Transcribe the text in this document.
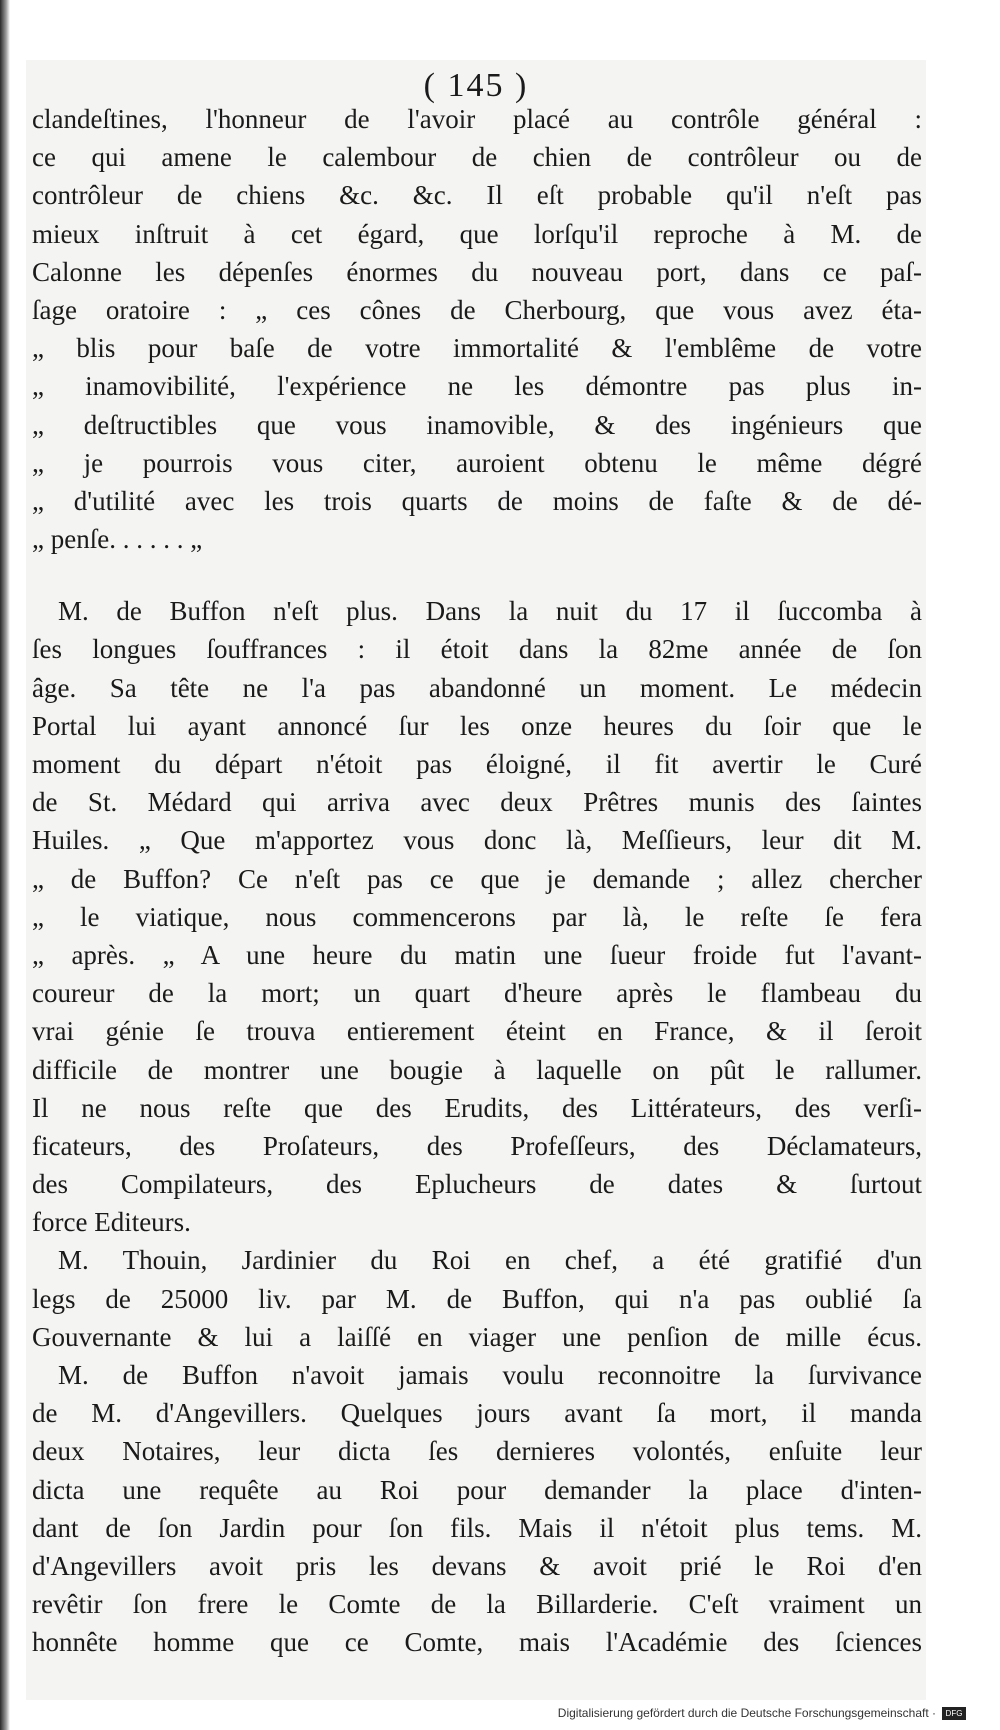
( 145 )
clandeſtines, l'honneur de l'avoir placé au contrôle général :
ce qui amene le calembour de chien de contrôleur ou de
contrôleur de chiens &c. &c. Il eſt probable qu'il n'eſt pas
mieux inſtruit à cet égard, que lorſqu'il reproche à M. de
Calonne les dépenſes énormes du nouveau port, dans ce paſ-
ſage oratoire : „ ces cônes de Cherbourg, que vous avez éta-
„ blis pour baſe de votre immortalité & l'emblême de votre
„ inamovibilité, l'expérience ne les démontre pas plus in-
„ deſtructibles que vous inamovible, & des ingénieurs que
„ je pourrois vous citer, auroient obtenu le même dégré
„ d'utilité avec les trois quarts de moins de faſte & de dé-
„ penſe. . . . . . „
M. de Buffon n'eſt plus. Dans la nuit du 17 il ſuccomba à
ſes longues ſouffrances : il étoit dans la 82me année de ſon
âge. Sa tête ne l'a pas abandonné un moment. Le médecin
Portal lui ayant annoncé ſur les onze heures du ſoir que le
moment du départ n'étoit pas éloigné, il fit avertir le Curé
de St. Médard qui arriva avec deux Prêtres munis des ſaintes
Huiles. „ Que m'apportez vous donc là, Meſſieurs, leur dit M.
„ de Buffon? Ce n'eſt pas ce que je demande ; allez chercher
„ le viatique, nous commencerons par là, le reſte ſe fera
„ après. „ A une heure du matin une ſueur froide fut l'avant-
coureur de la mort; un quart d'heure après le flambeau du
vrai génie ſe trouva entierement éteint en France, & il ſeroit
difficile de montrer une bougie à laquelle on pût le rallumer.
Il ne nous reſte que des Erudits, des Littérateurs, des verſi-
ficateurs, des Proſateurs, des Profeſſeurs, des Déclamateurs,
des Compilateurs, des Eplucheurs de dates & ſurtout
force Editeurs.
M. Thouin, Jardinier du Roi en chef, a été gratifié d'un
legs de 25000 liv. par M. de Buffon, qui n'a pas oublié ſa
Gouvernante & lui a laiſſé en viager une penſion de mille écus.
M. de Buffon n'avoit jamais voulu reconnoitre la ſurvivance
de M. d'Angevillers. Quelques jours avant ſa mort, il manda
deux Notaires, leur dicta ſes dernieres volontés, enſuite leur
dicta une requête au Roi pour demander la place d'inten-
dant de ſon Jardin pour ſon fils. Mais il n'étoit plus tems. M.
d'Angevillers avoit pris les devans & avoit prié le Roi d'en
revêtir ſon frere le Comte de la Billarderie. C'eſt vraiment un
honnête homme que ce Comte, mais l'Académie des ſciences
Digitalisierung gefördert durch die Deutsche Forschungsgemeinschaft ·	DFG
